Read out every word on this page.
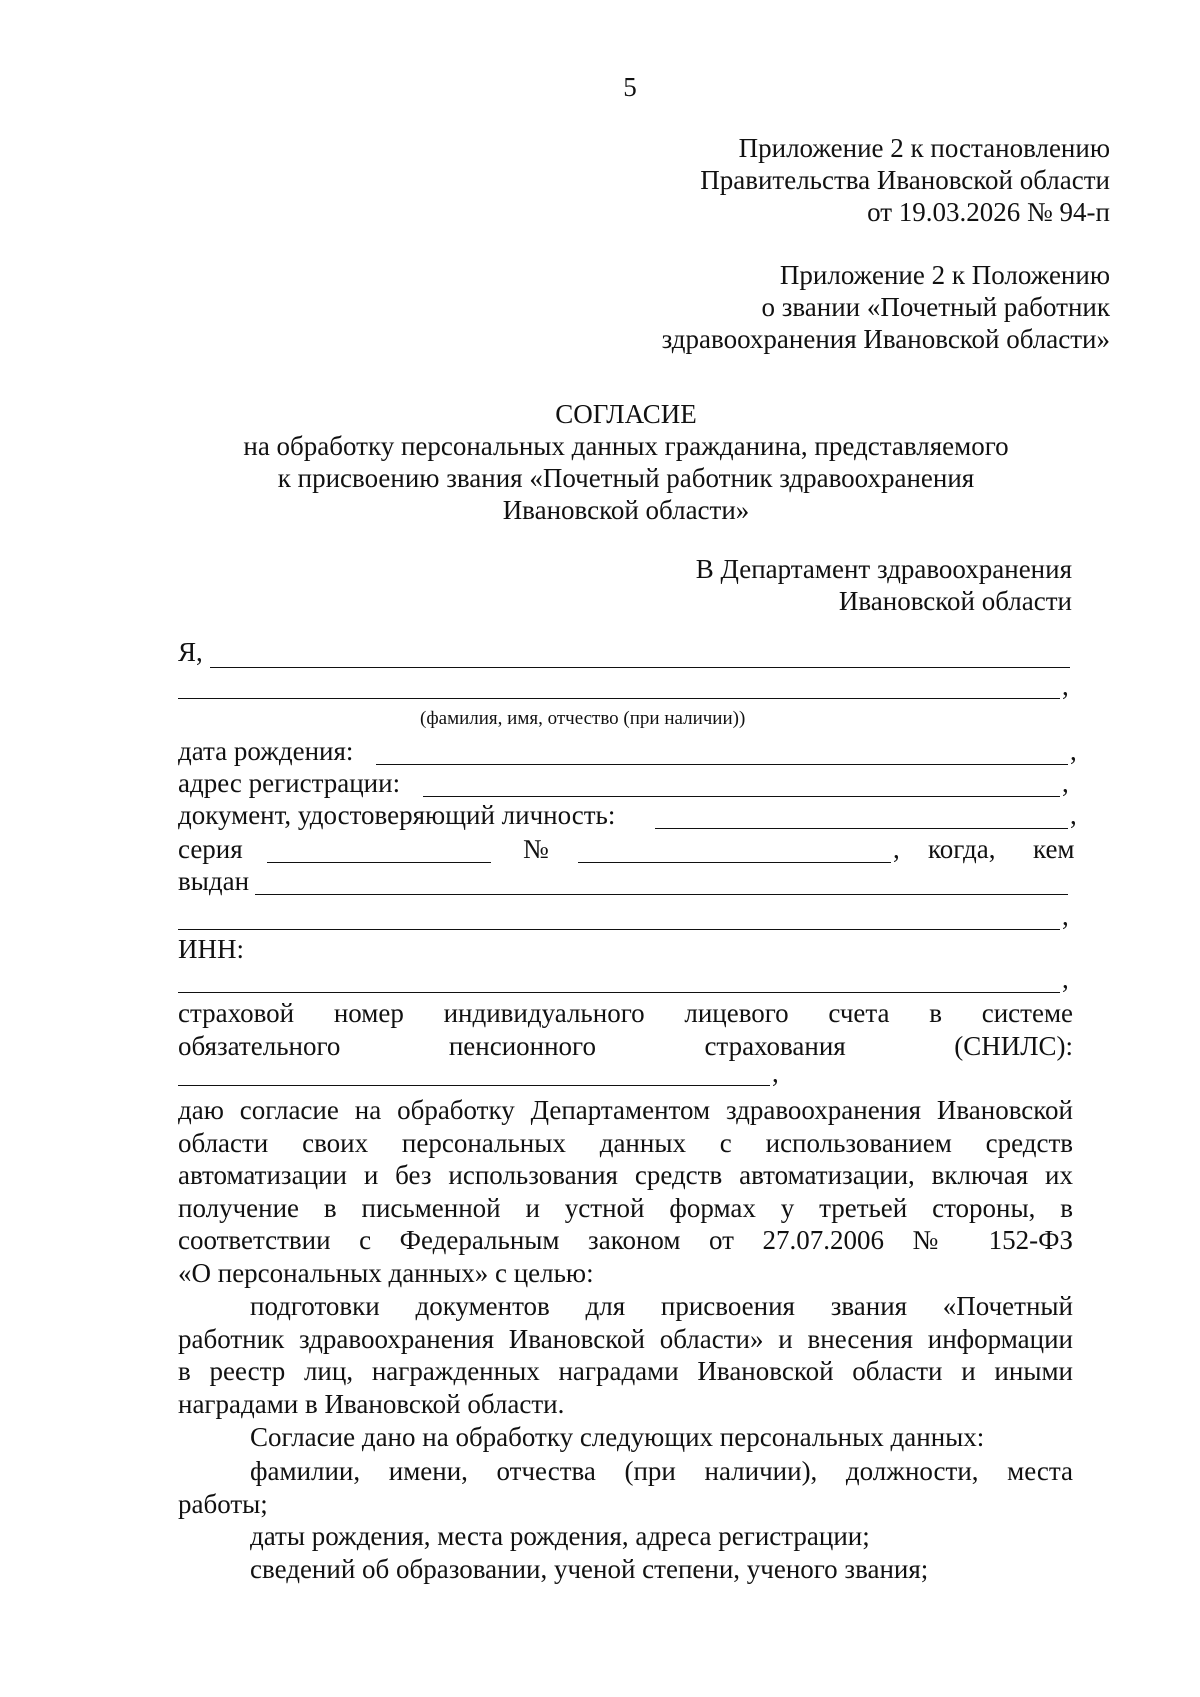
5
Приложение 2 к постановлению
Правительства Ивановской области
от 19.03.2026 № 94-п
Приложение 2 к Положению
о звании «Почетный работник
здравоохранения Ивановской области»
СОГЛАСИЕ
на обработку персональных данных гражданина, представляемого
к присвоению звания «Почетный работник здравоохранения
Ивановской области»
В Департамент здравоохранения
Ивановской области
Я,
,
(фамилия, имя, отчество (при наличии))
дата рождения:	,
адрес регистрации:	,
документ, удостоверяющий личность:	,
серия	№	, когда, кем
выдан
,
ИНН:
,
страховой номер индивидуального лицевого счета в системе
обязательного	пенсионного	страхования	(СНИЛС):
,
даю согласие на обработку Департаментом здравоохранения Ивановской
области своих персональных данных с использованием средств
автоматизации и без использования средств автоматизации, включая их
получение в письменной и устной формах у третьей стороны, в
соответствии с Федеральным законом от 27.07.2006 № 152-ФЗ
«О персональных данных» с целью:
подготовки документов для присвоения звания «Почетный
работник здравоохранения Ивановской области» и внесения информации
в реестр лиц, награжденных наградами Ивановской области и иными
наградами в Ивановской области.
Согласие дано на обработку следующих персональных данных:
фамилии, имени, отчества (при наличии), должности, места
работы;
даты рождения, места рождения, адреса регистрации;
сведений об образовании, ученой степени, ученого звания;
